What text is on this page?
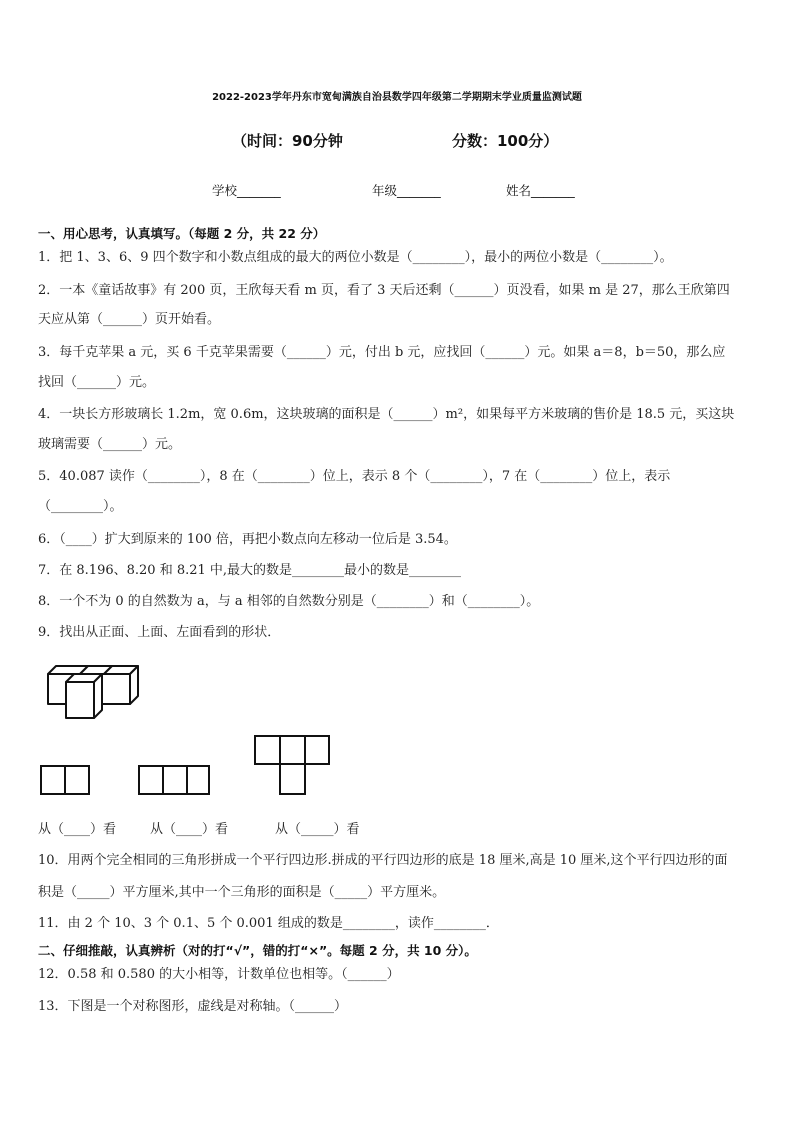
2022-2023学年丹东市宽甸满族自治县数学四年级第二学期期末学业质量监测试题
（时间：90分钟	分数：100分）
学校_______	年级_______	姓名_______
一、用心思考，认真填写。（每题 2 分，共 22 分）
1．把 1、3、6、9 四个数字和小数点组成的最大的两位小数是（________），最小的两位小数是（________）。
2．一本《童话故事》有 200 页，王欣每天看 m 页，看了 3 天后还剩（______）页没看，如果 m 是 27，那么王欣第四
天应从第（______）页开始看。
3．每千克苹果 a 元，买 6 千克苹果需要（______）元，付出 b 元，应找回（______）元。如果 a＝8，b＝50，那么应
找回（______）元。
4．一块长方形玻璃长 1.2m，宽 0.6m，这块玻璃的面积是（______）m²，如果每平方米玻璃的售价是 18.5 元，买这块
玻璃需要（______）元。
5．40.087 读作（________），8 在（________）位上，表示 8 个（________），7 在（________）位上，表示
（________）。
6．（____）扩大到原来的 100 倍，再把小数点向左移动一位后是 3.54。
7．在 8.196、8.20 和 8.21 中,最大的数是________最小的数是________
8．一个不为 0 的自然数为 a，与 a 相邻的自然数分别是（________）和（________）。
9．找出从正面、上面、左面看到的形状．
从（____）看	从（____）看	从（_____）看
10．用两个完全相同的三角形拼成一个平行四边形.拼成的平行四边形的底是 18 厘米,高是 10 厘米,这个平行四边形的面
积是（_____）平方厘米,其中一个三角形的面积是（_____）平方厘米。
11．由 2 个 10、3 个 0.1、5 个 0.001 组成的数是________，读作________．
二、仔细推敲，认真辨析（对的打“√”，错的打“×”。每题 2 分，共 10 分）。
12．0.58 和 0.580 的大小相等，计数单位也相等。（______）
13．下图是一个对称图形，虚线是对称轴。（______）
